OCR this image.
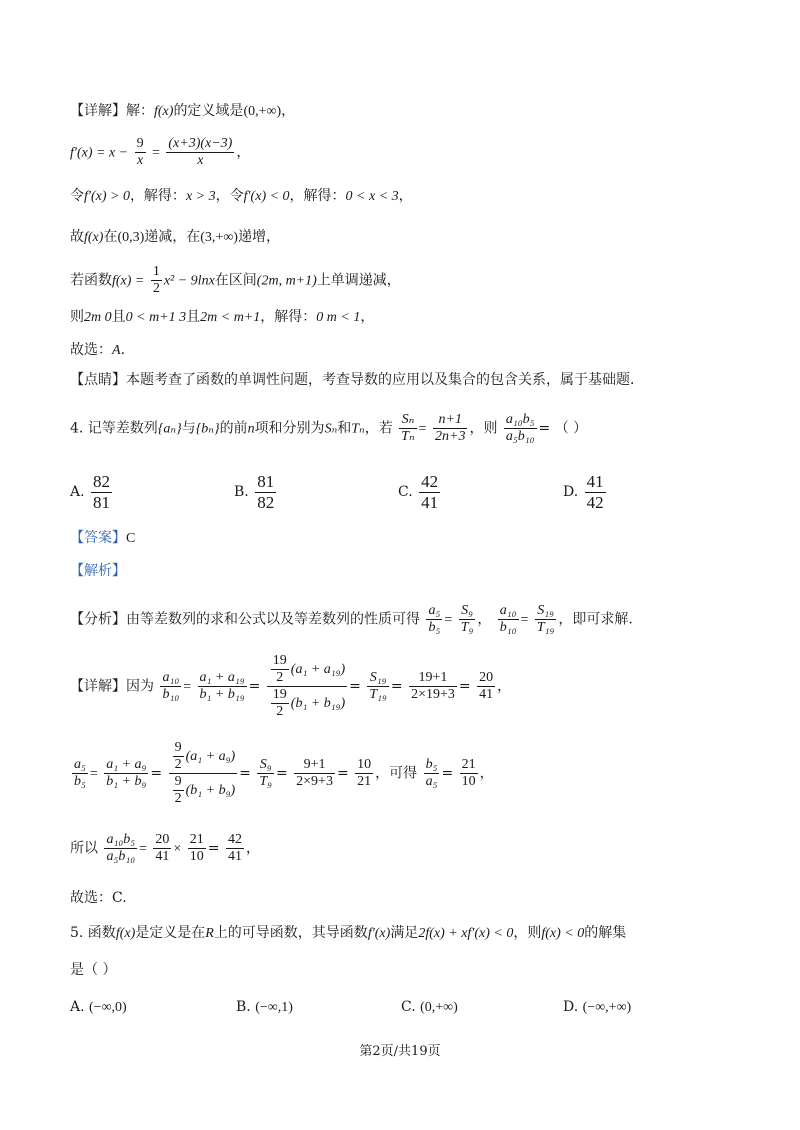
【详解】解：f(x)的定义域是(0,+∞)，
$f'(x) = x - \frac{9}{x} = \frac{(x+3)(x-3)}{x}$ ，
令f′(x) > 0，解得：x > 3，令f′(x) < 0，解得：0 < x < 3，
故f(x)在(0,3)递减，在(3,+∞)递增，
若函数$f(x) = \frac{1}{2} x^2 - 9\ln x$在区间(2m, m+1)上单调递减，
则2m 0且0 < m+1 3且2m < m+1，解得：0 m < 1，
故选：A．
【点睛】本题考查了函数的单调性问题，考查导数的应用以及集合的包含关系，属于基础题．
4. 记等差数列{aₙ}与{bₙ}的前n项和分别为Sₙ和Tₙ，若 $\frac{\text{Sₙ}}{\text{Tₙ}} = \frac{n+1}{2n+3}$ ，则 $\frac{\text{a₁₀b₅}}{\text{a₅b₁₀}}$ = （ ）
A. $\frac{82}{81}$	B. $\frac{81}{82}$	C. $\frac{42}{41}$	D. $\frac{41}{42}$
【答案】C
【解析】
【分析】由等差数列的求和公式以及等差数列的性质可得 $\frac{\text{a₅}}{\text{b₅}} = \frac{\text{S₉}}{\text{T₉}}$ ， $\frac{\text{a₁₀}}{\text{b₁₀}} = \frac{\text{S₁₉}}{\text{T₁₉}}$ ，即可求解.
【详解】因为 $\frac{\text{a₁₀}}{\text{b₁₀}} = \frac{\text{a₁ + a₁₉}}{\text{b₁ + b₁₉}} = \frac{\frac{19}{2} (a_1 + a_{19})}{\frac{19}{2} (b_1 + b_{19})} = \frac{\text{S₁₉}}{\text{T₁₉}} = \frac{19+1}{2\times 19+3} = \frac{20}{41}$ ，
$\frac{\text{a₅}}{\text{b₅}} = \frac{\text{a₁ + a₉}}{\text{b₁ + b₉}} = \frac{\frac{9}{2} (a_1 + a_9)}{\frac{9}{2} (b_1 + b_9)} = \frac{\text{S₉}}{\text{T₉}} = \frac{9+1}{2\times 9+3} = \frac{10}{21}$ ，可得 $\frac{\text{b₅}}{\text{a₅}} = \frac{21}{10}$ ，
所以 $\frac{\text{a₁₀b₅}}{\text{a₅b₁₀}} = \frac{20}{41} \times \frac{21}{10} = \frac{42}{41}$ ，
故选：C.
5. 函数f(x)是定义是在R上的可导函数，其导函数f′(x)满足2f(x) + xf′(x) < 0，则f(x) < 0的解集
是（ ）
A. (−∞,0)	B. (−∞,1)	C. (0,+∞)	D. (−∞,+∞)
第2页/共19页
